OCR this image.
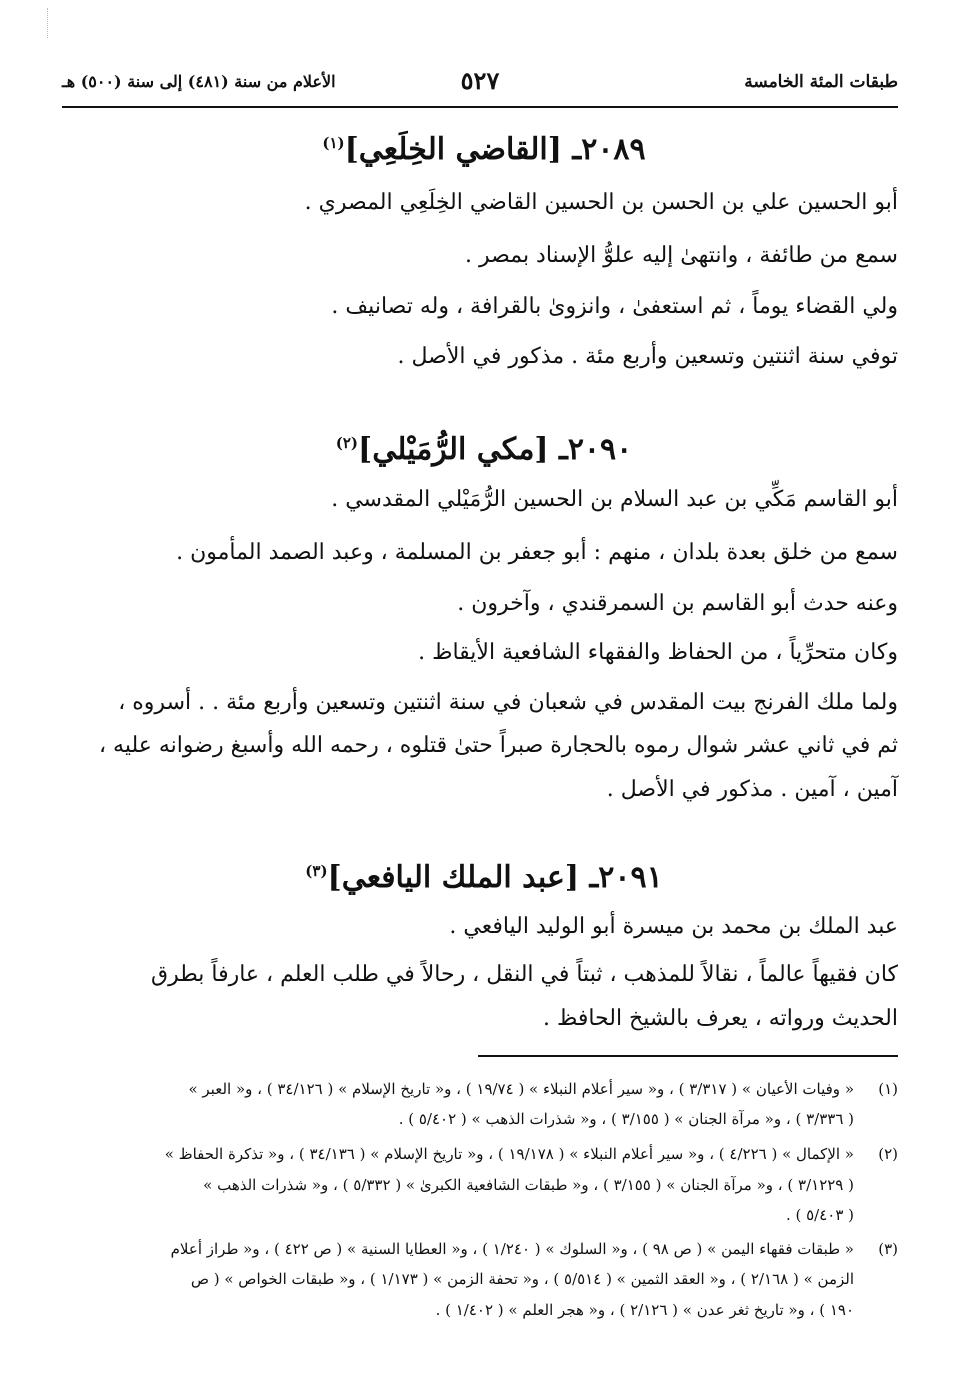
طبقات المئة الخامسة
٥٢٧
الأعلام من سنة (٤٨١) إلى سنة (٥٠٠) هـ
٢٠٨٩ـ [القاضي الخِلَعِي]$^{(١)}$
أبو الحسين علي بن الحسن بن الحسين القاضي الخِلَعِي المصري .
سمع من طائفة ، وانتهىٰ إليه علوُّ الإسناد بمصر .
ولي القضاء يوماً ، ثم استعفىٰ ، وانزوىٰ بالقرافة ، وله تصانيف .
توفي سنة اثنتين وتسعين وأربع مئة . مذكور في الأصل .
٢٠٩٠ـ [مكي الرُّمَيْلي]$^{(٢)}$
أبو القاسم مَكِّي بن عبد السلام بن الحسين الرُّمَيْلي المقدسي .
سمع من خلق بعدة بلدان ، منهم : أبو جعفر بن المسلمة ، وعبد الصمد المأمون .
وعنه حدث أبو القاسم بن السمرقندي ، وآخرون .
وكان متحرِّياً ، من الحفاظ والفقهاء الشافعية الأيقاظ .
ولما ملك الفرنج بيت المقدس في شعبان في سنة اثنتين وتسعين وأربع مئة . . أسروه ،
ثم في ثاني عشر شوال رموه بالحجارة صبراً حتىٰ قتلوه ، رحمه الله وأسبغ رضوانه عليه ،
آمين ، آمين . مذكور في الأصل .
٢٠٩١ـ [عبد الملك اليافعي]$^{(٣)}$
عبد الملك بن محمد بن ميسرة أبو الوليد اليافعي .
كان فقيهاً عالماً ، نقالاً للمذهب ، ثبتاً في النقل ، رحالاً في طلب العلم ، عارفاً بطرق
الحديث ورواته ، يعرف بالشيخ الحافظ .
(١)« وفيات الأعيان » ( ٣/٣١٧ ) ، و« سير أعلام النبلاء » ( ١٩/٧٤ ) ، و« تاريخ الإسلام » ( ٣٤/١٢٦ ) ، و« العبر »
( ٣/٣٣٦ ) ، و« مرآة الجنان » ( ٣/١٥٥ ) ، و« شذرات الذهب » ( ٥/٤٠٢ ) .
(٢)« الإكمال » ( ٤/٢٢٦ ) ، و« سير أعلام النبلاء » ( ١٩/١٧٨ ) ، و« تاريخ الإسلام » ( ٣٤/١٣٦ ) ، و« تذكرة الحفاظ »
( ٣/١٢٢٩ ) ، و« مرآة الجنان » ( ٣/١٥٥ ) ، و« طبقات الشافعية الكبرىٰ » ( ٥/٣٣٢ ) ، و« شذرات الذهب »
( ٥/٤٠٣ ) .
(٣)« طبقات فقهاء اليمن » ( ص ٩٨ ) ، و« السلوك » ( ١/٢٤٠ ) ، و« العطايا السنية » ( ص ٤٢٢ ) ، و« طراز أعلام
الزمن » ( ٢/١٦٨ ) ، و« العقد الثمين » ( ٥/٥١٤ ) ، و« تحفة الزمن » ( ١/١٧٣ ) ، و« طبقات الخواص » ( ص
١٩٠ ) ، و« تاريخ ثغر عدن » ( ٢/١٢٦ ) ، و« هجر العلم » ( ١/٤٠٢ ) .
